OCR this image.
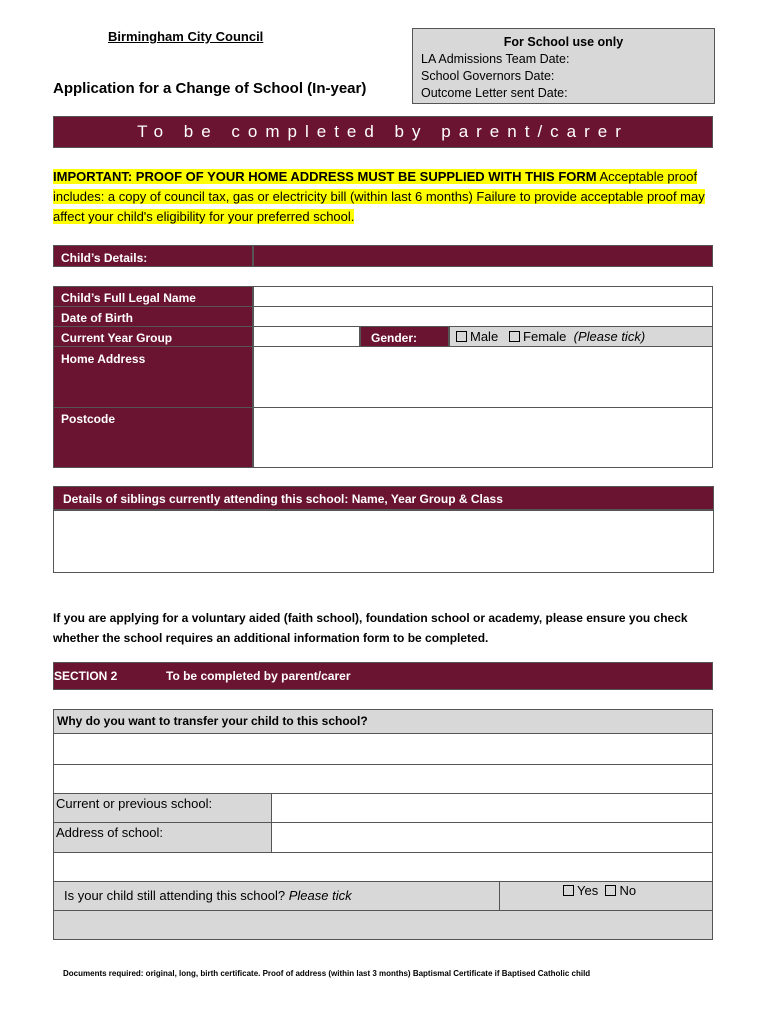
Birmingham City Council
Application for a Change of School (In-year)
For School use only
LA Admissions Team Date:
School Governors Date:
Outcome Letter sent Date:
To be completed by parent/carer
IMPORTANT: PROOF OF YOUR HOME ADDRESS MUST BE SUPPLIED WITH THIS FORM Acceptable proof includes: a copy of council tax, gas or electricity bill (within last 6 months) Failure to provide acceptable proof may affect your child's eligibility for your preferred school.
Child’s Details:
Child’s Full Legal Name
Date of Birth
Current Year Group	Gender:	Male Female (Please tick)
Home Address
Postcode
Details of siblings currently attending this school: Name, Year Group & Class
If you are applying for a voluntary aided (faith school), foundation school or academy, please ensure you check whether the school requires an additional information form to be completed.
SECTION 2	To be completed by parent/carer
Why do you want to transfer your child to this school?
Current or previous school:
Address of school:
Is your child still attending this school? Please tick	Yes No
Documents required: original, long, birth certificate. Proof of address (within last 3 months) Baptismal Certificate if Baptised Catholic child
